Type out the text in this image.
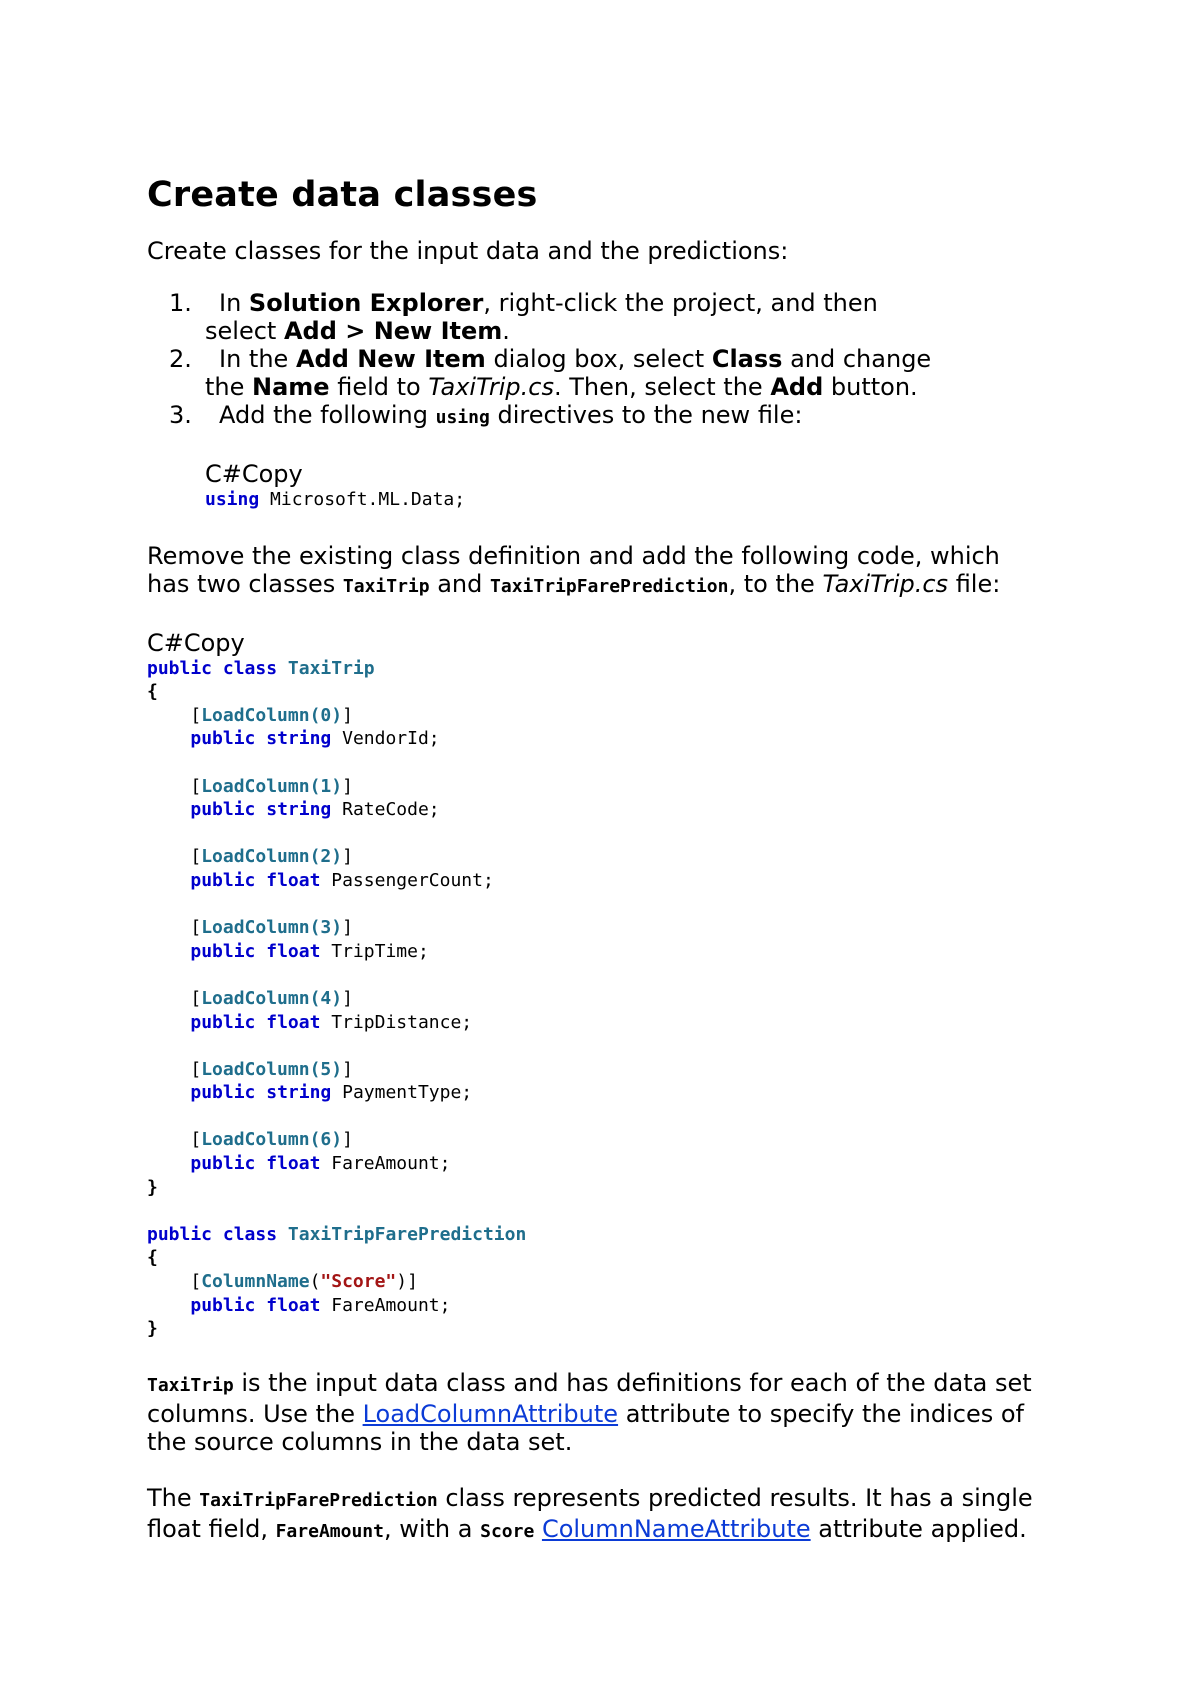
Create data classes

Create classes for the input data and the predictions:

1. In Solution Explorer, right-click the project, and then
select Add > New Item.
2. In the Add New Item dialog box, select Class and change
the Name field to TaxiTrip.cs. Then, select the Add button.
3. Add the following using directives to the new file:
C#Copy
using Microsoft.ML.Data;

Remove the existing class definition and add the following code, which
has two classes TaxiTrip and TaxiTripFarePrediction, to the TaxiTrip.cs file:

C#Copy
public class TaxiTrip
{
[LoadColumn(0)]
public string VendorId;

[LoadColumn(1)]
public string RateCode;

[LoadColumn(2)]
public float PassengerCount;

[LoadColumn(3)]
public float TripTime;

[LoadColumn(4)]
public float TripDistance;

[LoadColumn(5)]
public string PaymentType;

[LoadColumn(6)]
public float FareAmount;
}

public class TaxiTripFarePrediction
{
[ColumnName("Score")]
public float FareAmount;
}

TaxiTrip is the input data class and has definitions for each of the data set
columns. Use the LoadColumnAttribute attribute to specify the indices of
the source columns in the data set.

The TaxiTripFarePrediction class represents predicted results. It has a single
float field, FareAmount, with a Score ColumnNameAttribute attribute applied.
